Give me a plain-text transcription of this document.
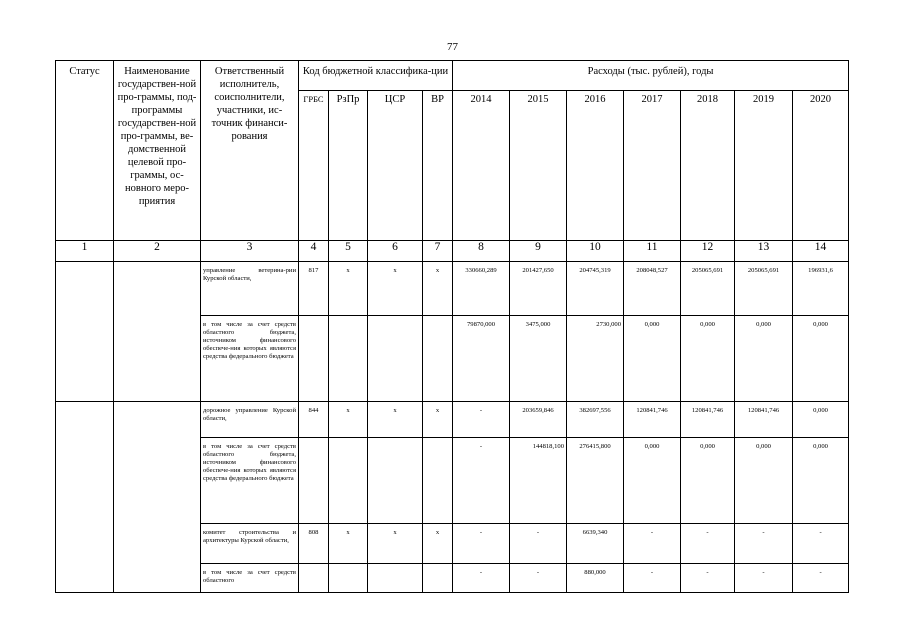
77
Статус	Наименование государствен-ной про-граммы, под-программы государствен-ной про-граммы, ве-домственной целевой про-граммы, ос-новного меро-приятия	Ответственный исполнитель, соисполнители, участники, ис-точник финанси-рования	Код бюджетной классифика-ции				Расходы (тыс. рублей), годы						
			ГРБС	РзПр	ЦСР	ВР	2014	2015	2016	2017	2018	2019	2020
1	2	3	4	5	6	7	8	9	10	11	12	13	14
		управление ветерина-рии Курской области,	817	x	x	x	330660,289	201427,650	204745,319	208048,527	205065,691	205065,691	196931,6
		в том числе за счет средств областного бюджета, источником финансового обеспече-ния которых являются средства федерального бюджета					79870,000	3475,000	2730,000	0,000	0,000	0,000	0,000
		дорожное управление Курской области,	844	x	x	x	-	203659,846	382697,556	120841,746	120841,746	120841,746	0,000
		в том числе за счет средств областного бюджета, источником финансового обеспече-ния которых являются средства федерального бюджета					-	144818,100	276415,800	0,000	0,000	0,000	0,000
		комитет строительства и архитектуры Курской области,	808	x	x	x	-	-	6639,340	-	-	-	-
		в том числе за счет средств областного					-	-	880,000	-	-	-	-
